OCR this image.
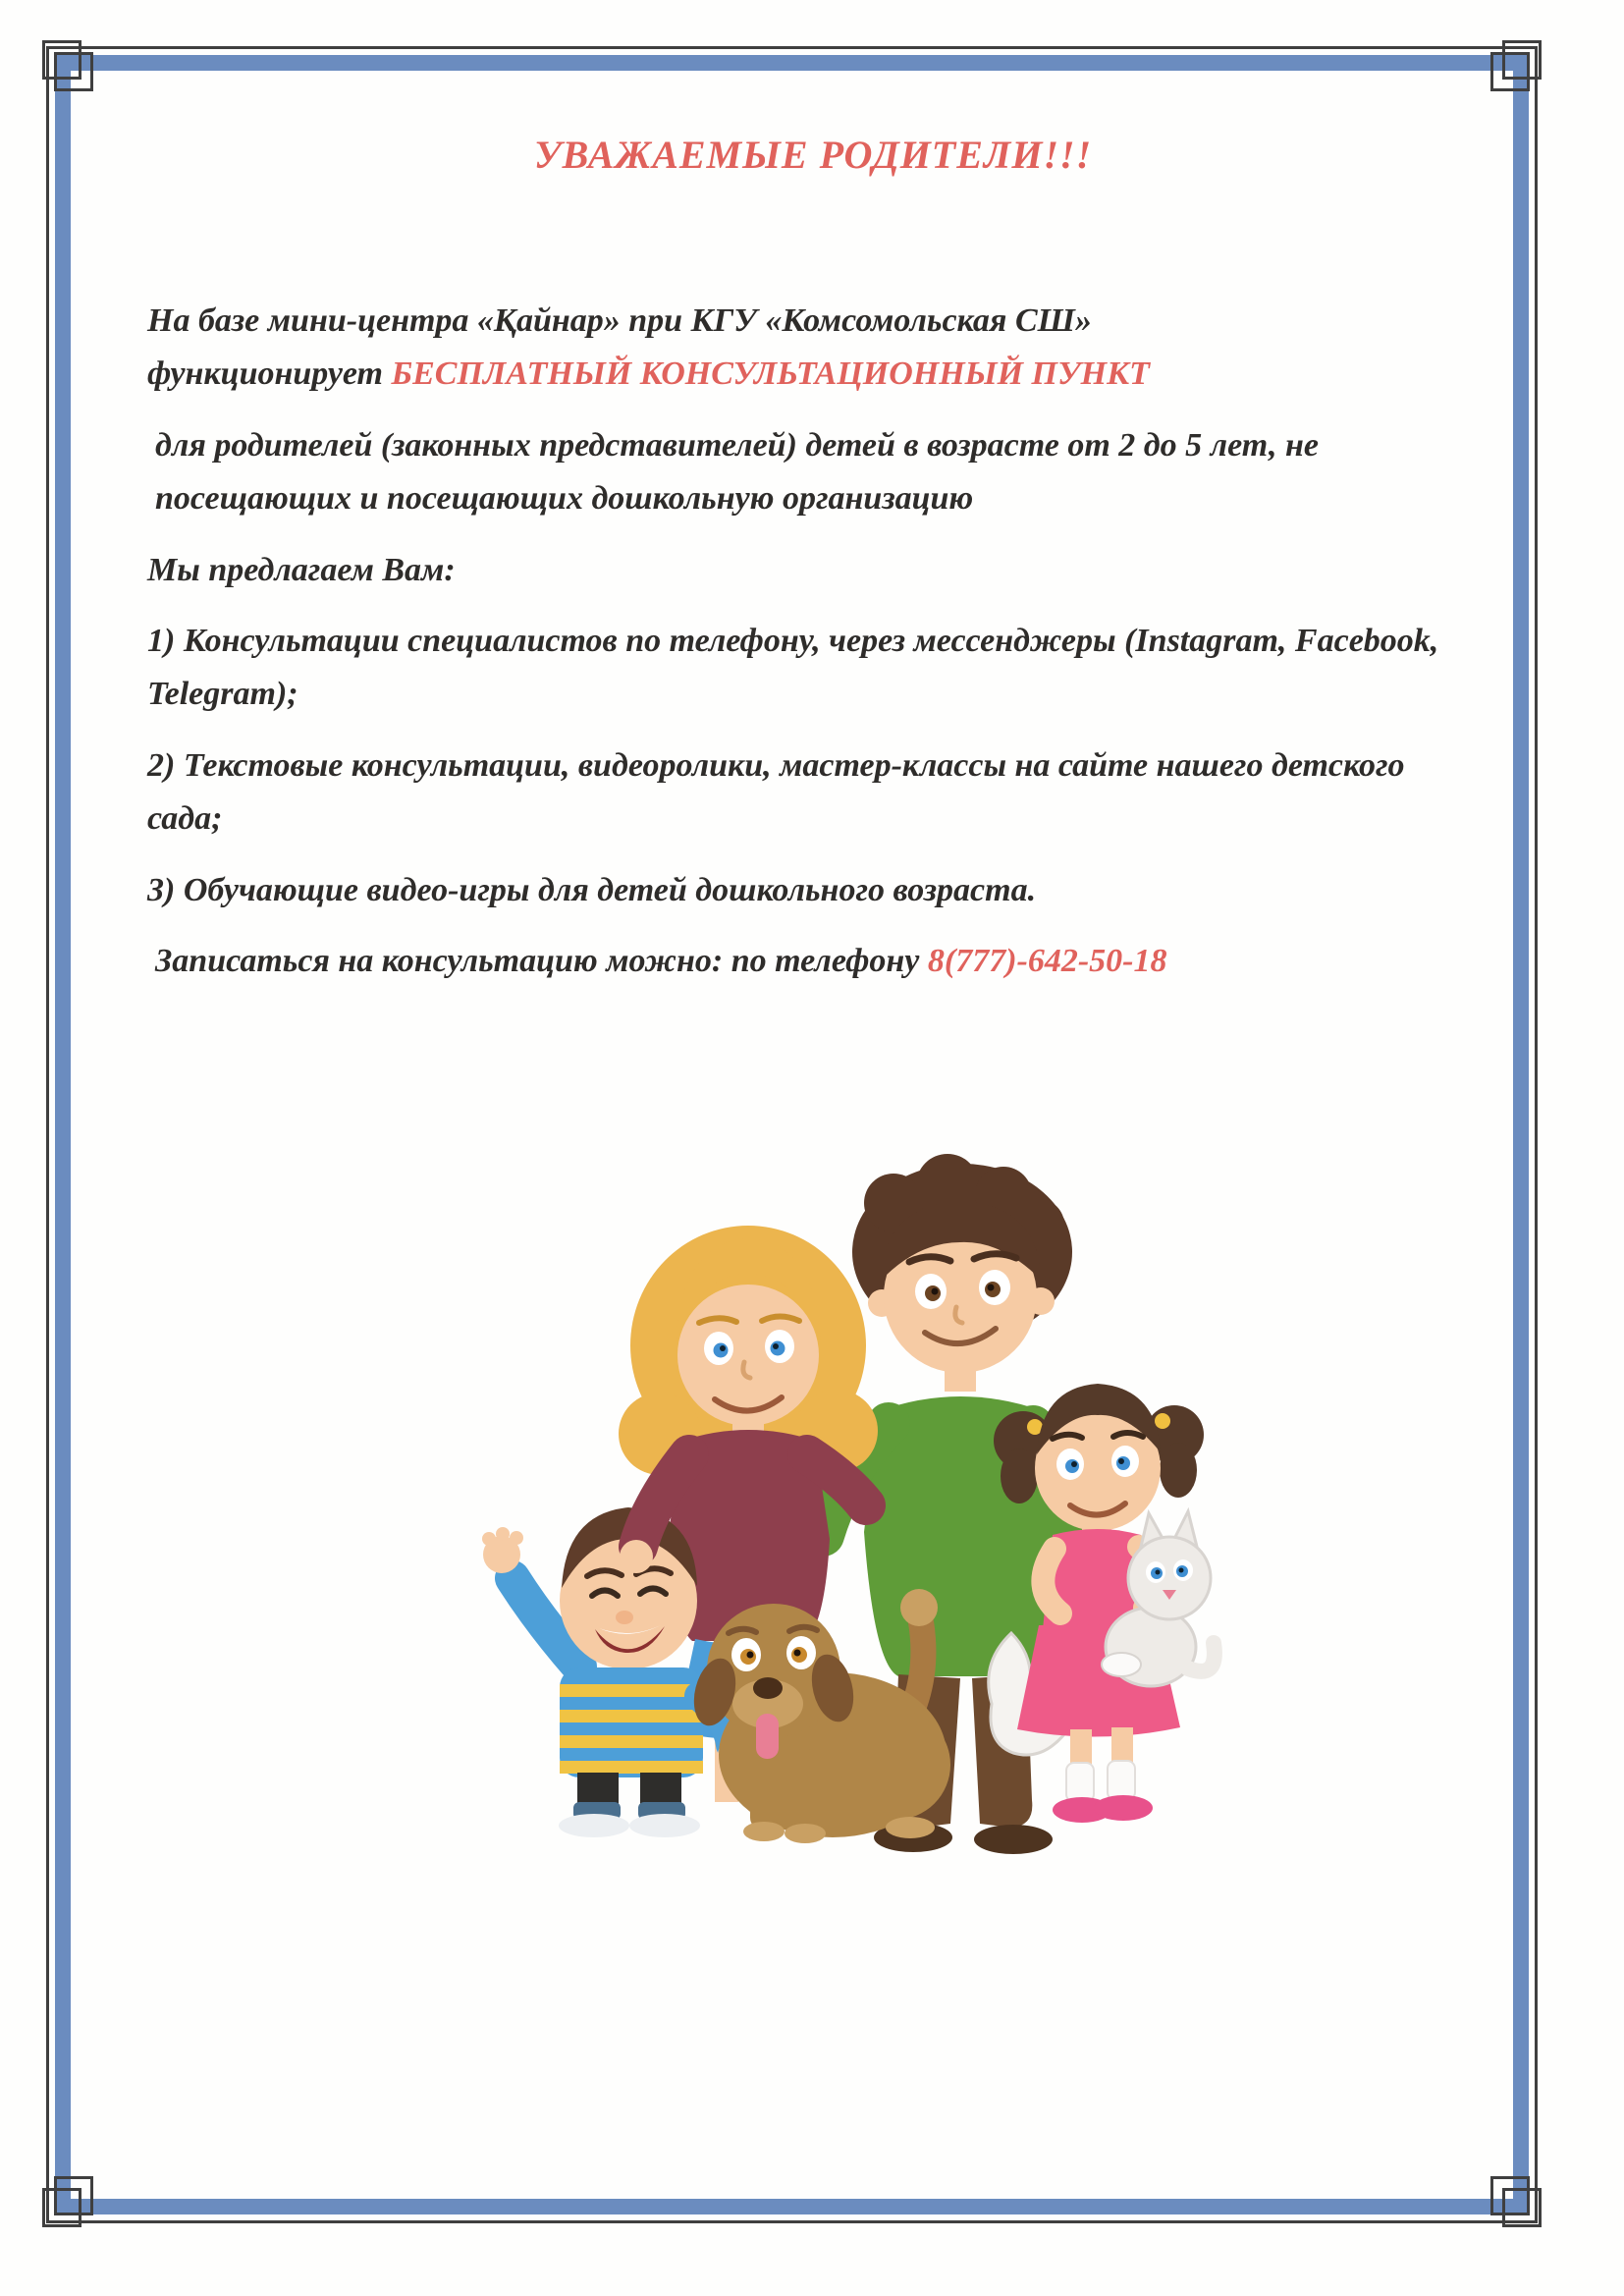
УВАЖАЕМЫЕ РОДИТЕЛИ!!!

На базе мини-центра «Қайнар» при КГУ «Комсомольская СШ»
функционирует БЕСПЛАТНЫЙ КОНСУЛЬТАЦИОННЫЙ ПУНКТ

для родителей (законных представителей) детей в возрасте от 2 до 5 лет, не посещающих и посещающих дошкольную организацию

Мы предлагаем Вам:

1) Консультации специалистов по телефону, через мессенджеры (Instagram, Facebook, Telegram);

2) Текстовые консультации, видеоролики, мастер-классы на сайте нашего детского сада;

3) Обучающие видео-игры для детей дошкольного возраста.

Записаться на консультацию можно: по телефону 8(777)-642-50-18
